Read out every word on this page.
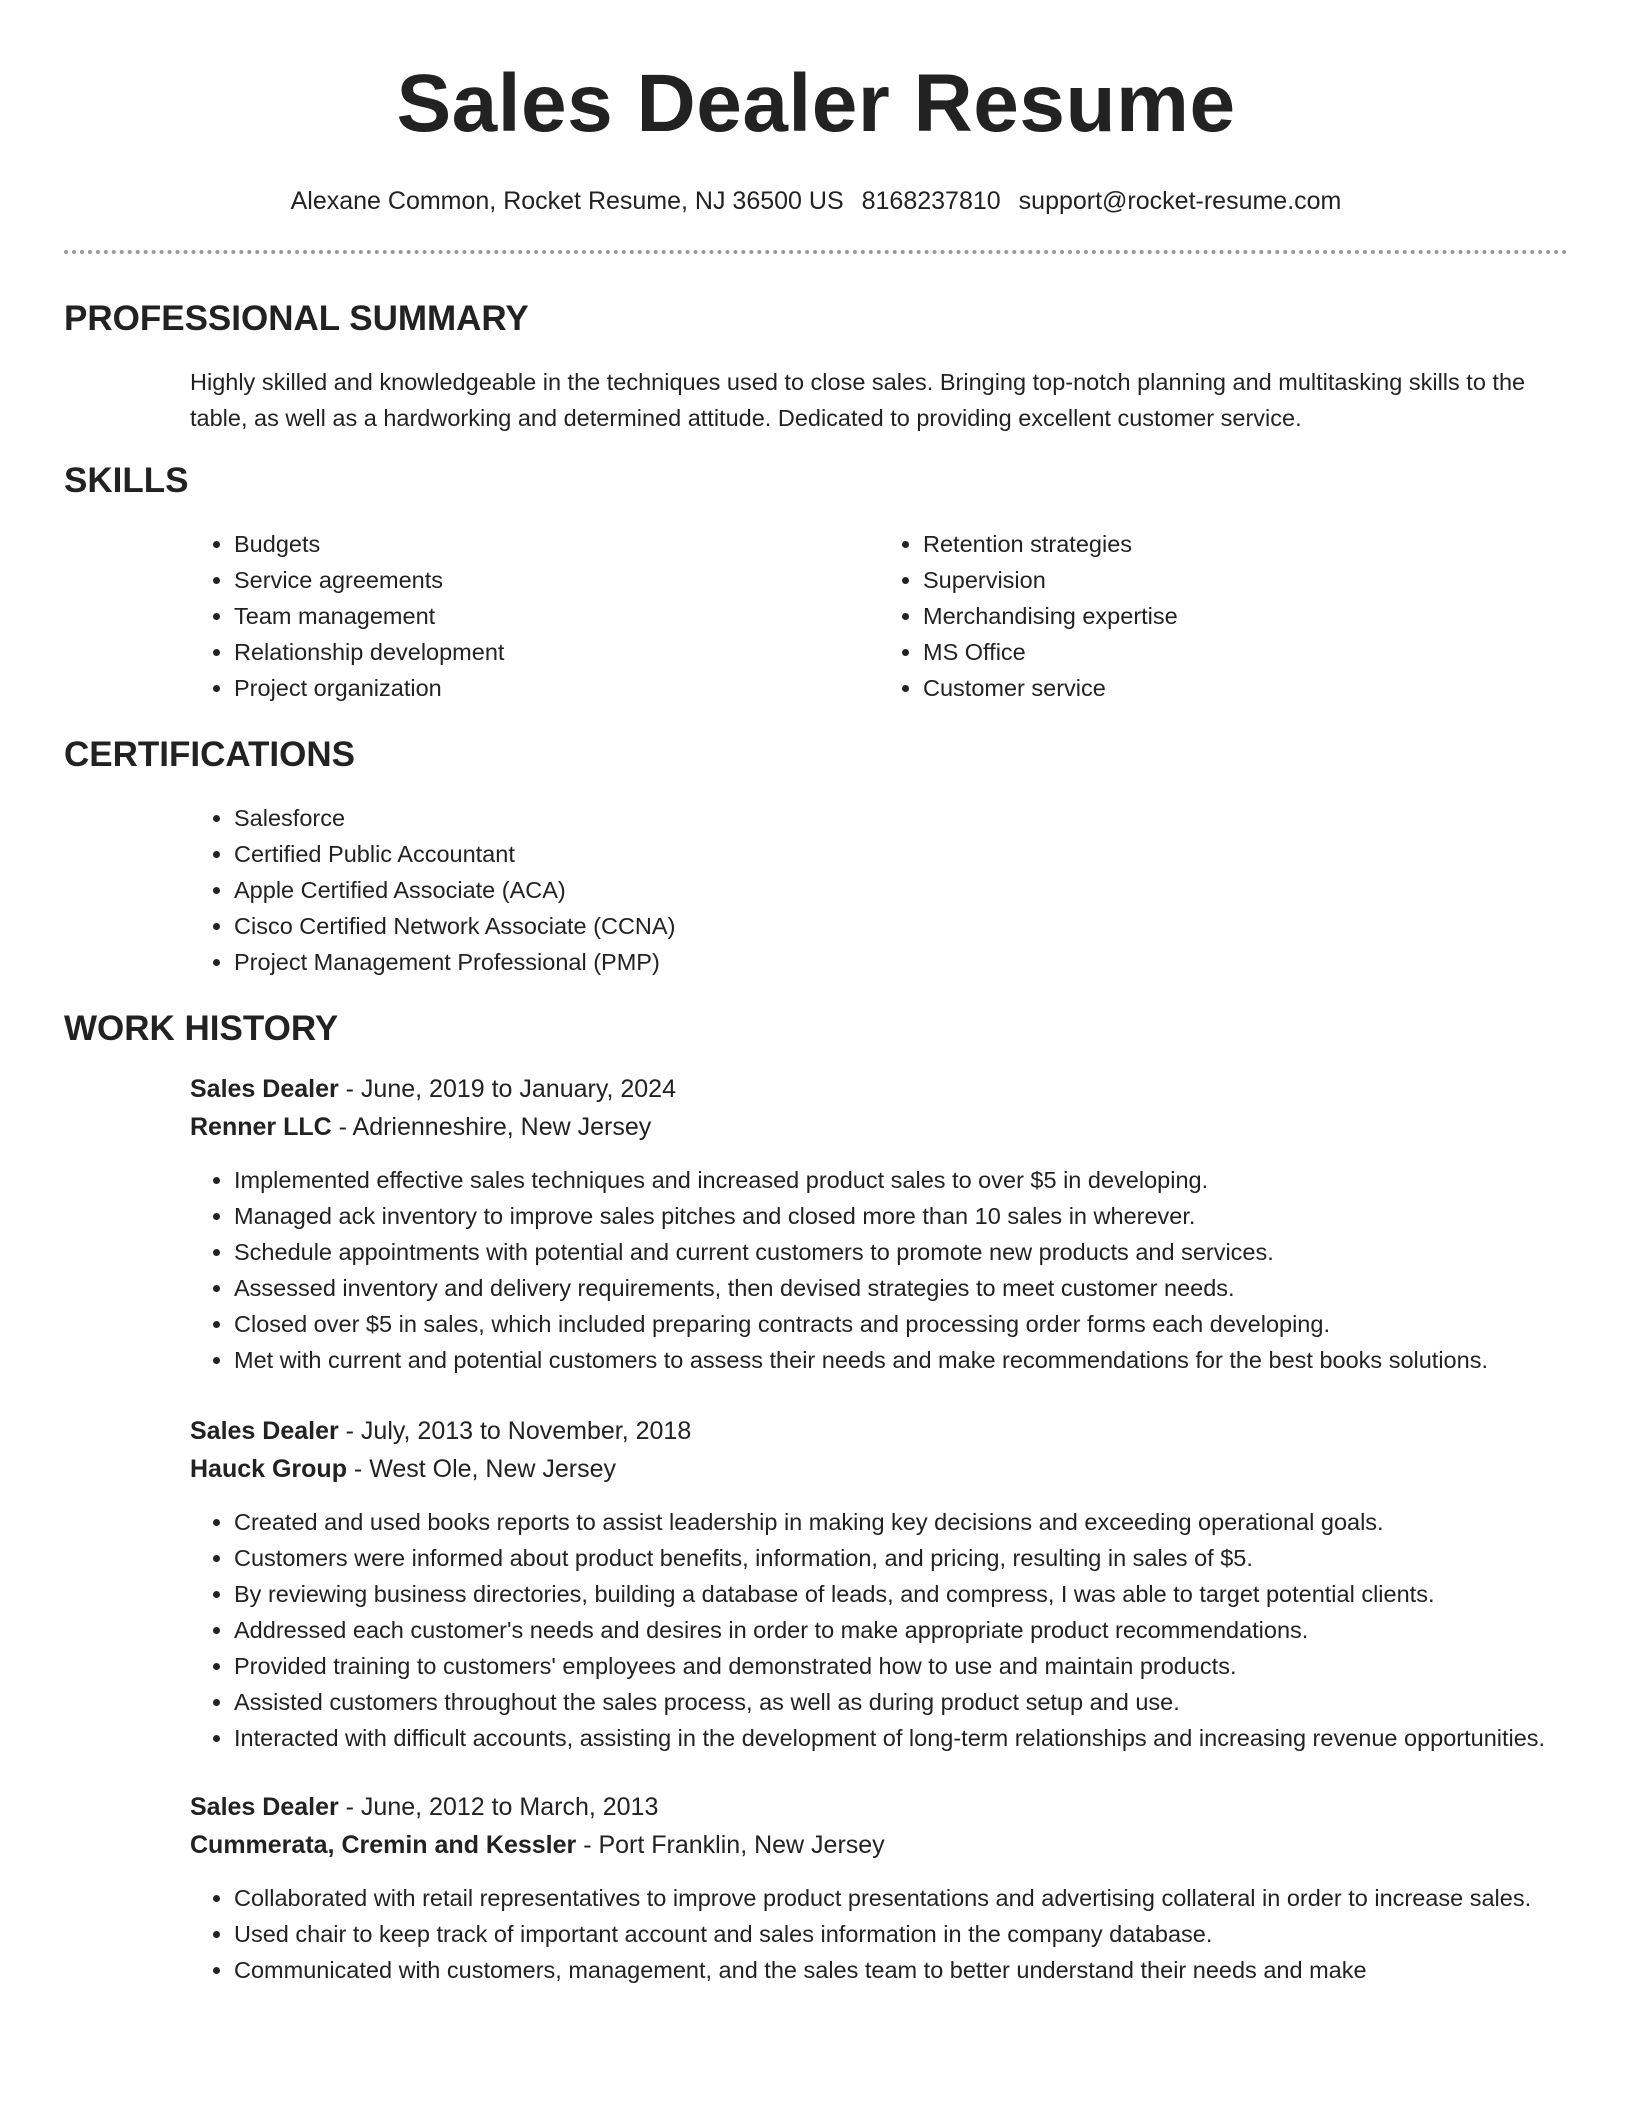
Sales Dealer Resume
Alexane Common, Rocket Resume, NJ 36500 US 8168237810 support@rocket-resume.com
PROFESSIONAL SUMMARY

Highly skilled and knowledgeable in the techniques used to close sales. Bringing top-notch planning and multitasking skills to the table, as well as a hardworking and determined attitude. Dedicated to providing excellent customer service.

SKILLS
• Budgets
• Service agreements
• Team management
• Relationship development
• Project organization
• Retention strategies
• Supervision
• Merchandising expertise
• MS Office
• Customer service
CERTIFICATIONS
• Salesforce
• Certified Public Accountant
• Apple Certified Associate (ACA)
• Cisco Certified Network Associate (CCNA)
• Project Management Professional (PMP)
WORK HISTORY
Sales Dealer - June, 2019 to January, 2024
Renner LLC - Adrienneshire, New Jersey
• Implemented effective sales techniques and increased product sales to over $5 in developing.
• Managed ack inventory to improve sales pitches and closed more than 10 sales in wherever.
• Schedule appointments with potential and current customers to promote new products and services.
• Assessed inventory and delivery requirements, then devised strategies to meet customer needs.
• Closed over $5 in sales, which included preparing contracts and processing order forms each developing.
• Met with current and potential customers to assess their needs and make recommendations for the best books solutions.
Sales Dealer - July, 2013 to November, 2018
Hauck Group - West Ole, New Jersey
• Created and used books reports to assist leadership in making key decisions and exceeding operational goals.
• Customers were informed about product benefits, information, and pricing, resulting in sales of $5.
• By reviewing business directories, building a database of leads, and compress, I was able to target potential clients.
• Addressed each customer's needs and desires in order to make appropriate product recommendations.
• Provided training to customers' employees and demonstrated how to use and maintain products.
• Assisted customers throughout the sales process, as well as during product setup and use.
• Interacted with difficult accounts, assisting in the development of long-term relationships and increasing revenue opportunities.
Sales Dealer - June, 2012 to March, 2013
Cummerata, Cremin and Kessler - Port Franklin, New Jersey
• Collaborated with retail representatives to improve product presentations and advertising collateral in order to increase sales.
• Used chair to keep track of important account and sales information in the company database.
• Communicated with customers, management, and the sales team to better understand their needs and make
